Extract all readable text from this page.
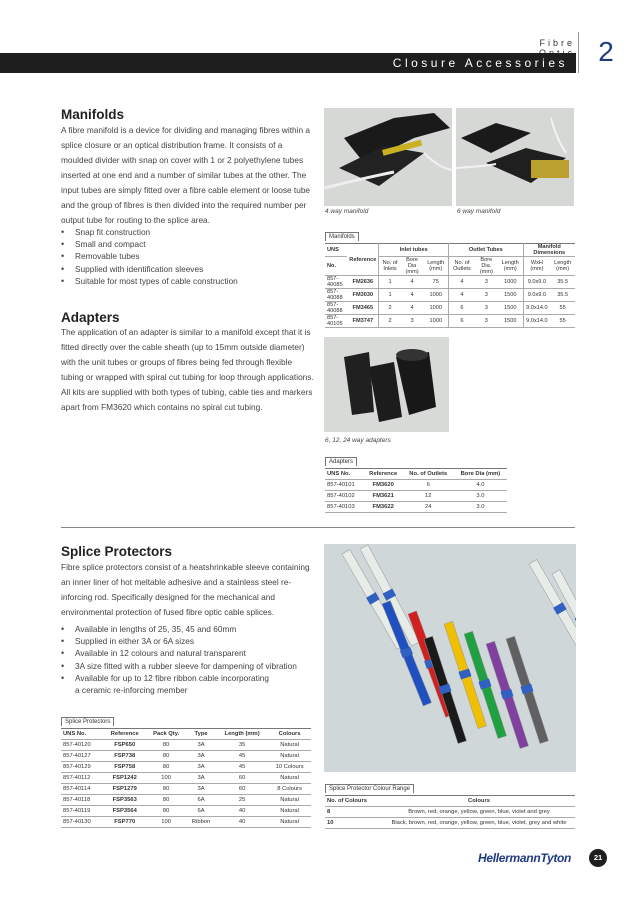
Fibre
Closure Accessories	2
Manifolds

A fibre manifold is a device for dividing and managing fibres within a splice closure or an optical distribution frame. It consists of a moulded divider with snap on cover with 1 or 2 polyethylene tubes inserted at one end and a number of similar tubes at the other. The input tubes are simply fitted over a fibre cable element or loose tube and the group of fibres is then divided into the required number per output tube for routing to the splice area.

• Snap fit construction
• Small and compact
• Removable tubes
• Supplied with identification sleeves
• Suitable for most types of cable construction
4 way manifold	6 way manifold
Manifolds
UNS	Reference	Inlet tubes			Outlet Tubes			Manifold Dimensions	
No.		No. of Inlets	Bore Dia (mm)	Length (mm)	No. of Outlets	Bore Dia. (mm)	Length (mm)	WxH (mm)	Length (mm)
857-40085	FM2636	1	4	75	4	3	1000	9.0x9.0	35.5
857-40088	FM3030	1	4	1000	4	3	1500	9.0x9.0	35.5
857-40088	FM3465	2	4	1000	6	3	1500	9.0x14.0	55
857-40105	FM3747	2	3	1000	6	3	1500	9.0x14.0	55
Adapters

The application of an adapter is similar to a manifold except that it is fitted directly over the cable sheath (up to 15mm outside diameter) with the unit tubes or groups of fibres being fed through flexible tubing or wrapped with spiral cut tubing for loop through applications. All kits are supplied with both types of tubing, cable ties and markers apart from FM3620 which contains no spiral cut tubing.

6, 12, 24 way adapters
Adapters
UNS No.	Reference	No. of Outlets	Bore Dia (mm)
857-40101	FM3620	6	4.0
857-40102	FM3621	12	3.0
857-40103	FM3622	24	3.0
Splice Protectors

Fibre splice protectors consist of a heatshrinkable sleeve containing an inner liner of hot meltable adhesive and a stainless steel re-inforcing rod. Specifically designed for the mechanical and environmental protection of fused fibre optic cable splices.

• Available in lengths of 25, 35, 45 and 60mm
• Supplied in either 3A or 6A sizes
• Available in 12 colours and natural transparent
• 3A size fitted with a rubber sleeve for dampening of vibration
• Available for up to 12 fibre ribbon cable incorporating
a ceramic re-inforcing member
Splice Protectors
UNS No.	Reference	Pack Qty.	Type	Length (mm)	Colours
857-40120	FSP650	80	3A	35	Natural
857-40127	FSP738	80	3A	45	Natural
857-40129	FSP758	80	3A	45	10 Colours
857-40112	FSP1242	100	3A	60	Natural
857-40114	FSP1279	80	3A	60	8 Colours
857-40118	FSP3563	80	6A	25	Natural
857-40119	FSP3564	80	6A	40	Natural
857-40130	FSP770	100	Ribbon	40	Natural
Splice Protector Colour Range
No. of Colours	Colours
8	Brown, red, orange, yellow, green, blue, violet and grey
10	Black, brown, red, orange, yellow, green, blue, violet, grey and white
HellermannTyton	21
